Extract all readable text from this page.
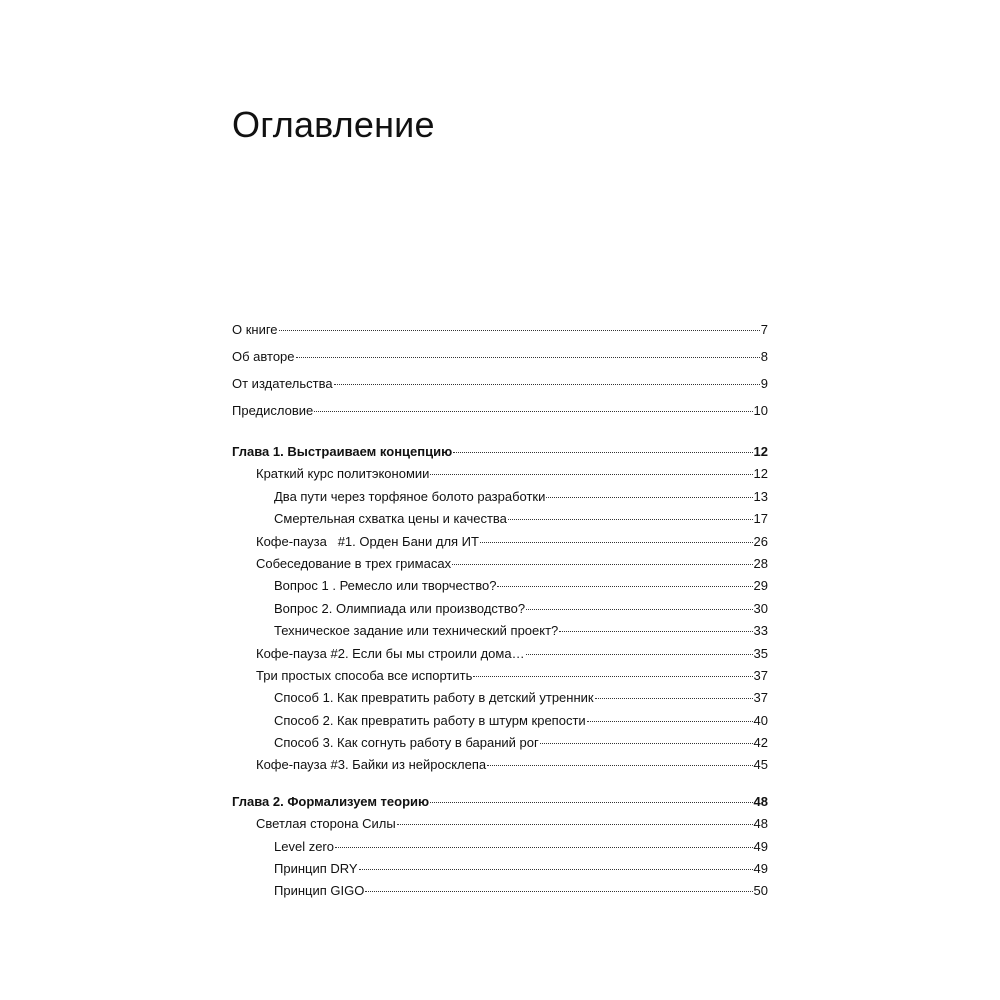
Оглавление
О книге	7
Об авторе	8
От издательства	9
Предисловие	10
Глава 1. Выстраиваем концепцию	12
Краткий курс политэкономии	12
Два пути через торфяное болото разработки	13
Смертельная схватка цены и качества	17
Кофе-пауза   #1. Орден Бани для ИТ	26
Собеседование в трех гримасах	28
Вопрос 1 . Ремесло или творчество?	29
Вопрос 2. Олимпиада или производство?	30
Техническое задание или технический проект?	33
Кофе-пауза #2. Если бы мы строили дома…	35
Три простых способа все испортить	37
Способ 1. Как превратить работу в детский утренник	37
Способ 2. Как превратить работу в штурм крепости	40
Способ 3. Как согнуть работу в бараний рог	42
Кофе-пауза #3. Байки из нейросклепа	45
Глава 2. Формализуем теорию	48
Светлая сторона Силы	48
Level zero	49
Принцип DRY	49
Принцип GIGO	50
